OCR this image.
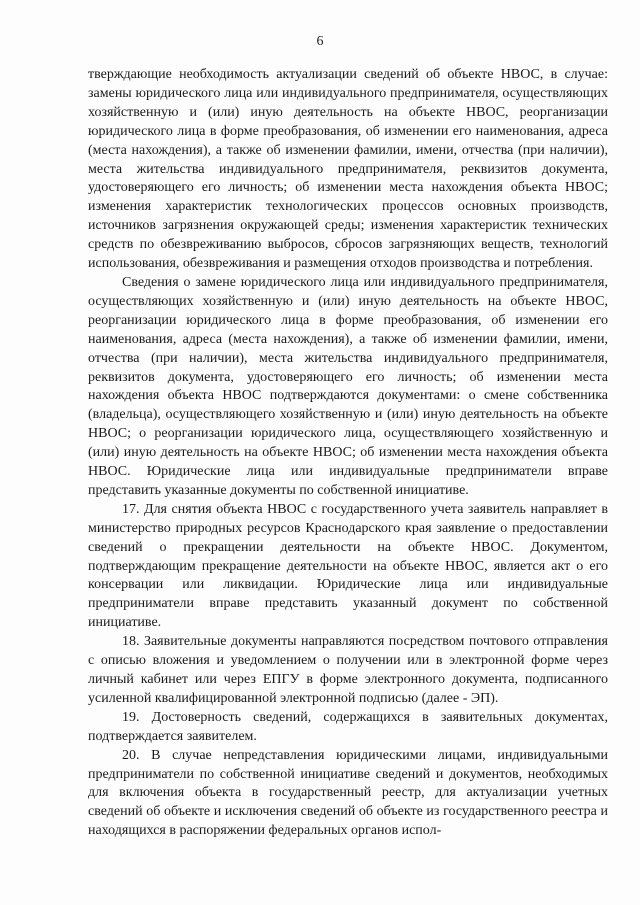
6

тверждающие необходимость актуализации сведений об объекте НВОС, в случае: замены юридического лица или индивидуального предпринимателя, осуществляющих хозяйственную и (или) иную деятельность на объекте НВОС, реорганизации юридического лица в форме преобразования, об изменении его наименования, адреса (места нахождения), а также об изменении фамилии, имени, отчества (при наличии), места жительства индивидуального предпринимателя, реквизитов документа, удостоверяющего его личность; об изменении места нахождения объекта НВОС; изменения характеристик технологических процессов основных производств, источников загрязнения окружающей среды; изменения характеристик технических средств по обезвреживанию выбросов, сбросов загрязняющих веществ, технологий использования, обезвреживания и размещения отходов производства и потребления.

Сведения о замене юридического лица или индивидуального предпринимателя, осуществляющих хозяйственную и (или) иную деятельность на объекте НВОС, реорганизации юридического лица в форме преобразования, об изменении его наименования, адреса (места нахождения), а также об изменении фамилии, имени, отчества (при наличии), места жительства индивидуального предпринимателя, реквизитов документа, удостоверяющего его личность; об изменении места нахождения объекта НВОС подтверждаются документами: о смене собственника (владельца), осуществляющего хозяйственную и (или) иную деятельность на объекте НВОС; о реорганизации юридического лица, осуществляющего хозяйственную и (или) иную деятельность на объекте НВОС; об изменении места нахождения объекта НВОС. Юридические лица или индивидуальные предприниматели вправе представить указанные документы по собственной инициативе.

17. Для снятия объекта НВОС с государственного учета заявитель направляет в министерство природных ресурсов Краснодарского края заявление о предоставлении сведений о прекращении деятельности на объекте НВОС. Документом, подтверждающим прекращение деятельности на объекте НВОС, является акт о его консервации или ликвидации. Юридические лица или индивидуальные предприниматели вправе представить указанный документ по собственной инициативе.

18. Заявительные документы направляются посредством почтового отправления с описью вложения и уведомлением о получении или в электронной форме через личный кабинет или через ЕПГУ в форме электронного документа, подписанного усиленной квалифицированной электронной подписью (далее - ЭП).

19. Достоверность сведений, содержащихся в заявительных документах, подтверждается заявителем.

20. В случае непредставления юридическими лицами, индивидуальными предприниматели по собственной инициативе сведений и документов, необходимых для включения объекта в государственный реестр, для актуализации учетных сведений об объекте и исключения сведений об объекте из государственного реестра и находящихся в распоряжении федеральных органов испол-
